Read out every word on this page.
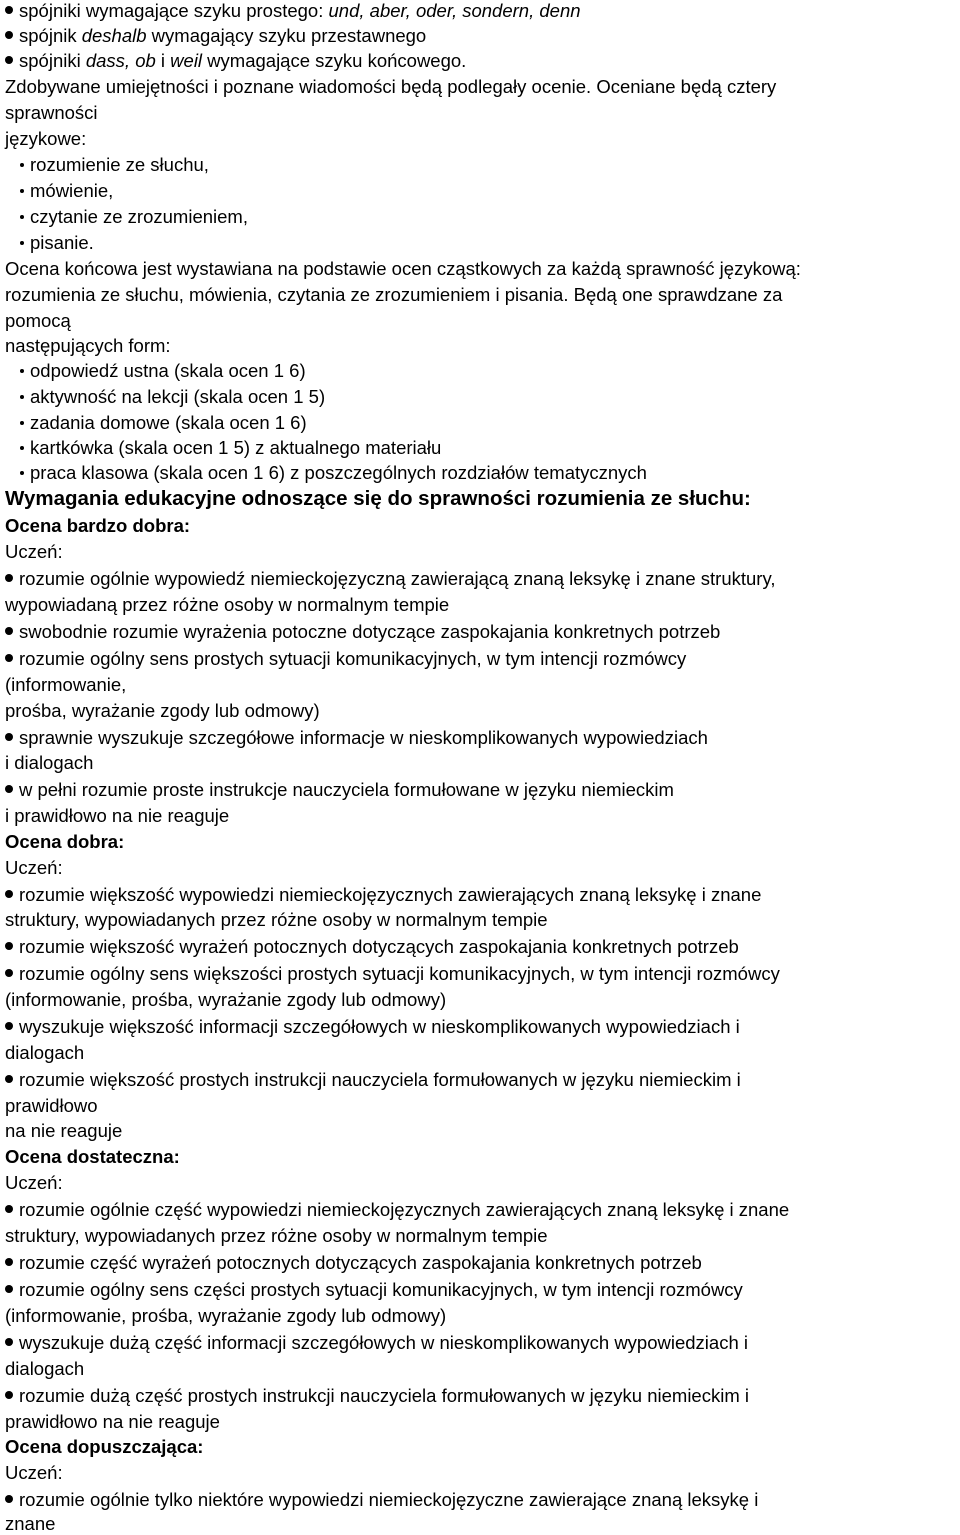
spójniki wymagające szyku prostego: und, aber, oder, sondern, denn
spójnik deshalb wymagający szyku przestawnego
spójniki dass, ob i weil wymagające szyku końcowego.
Zdobywane umiejętności i poznane wiadomości będą podlegały ocenie. Oceniane będą cztery
sprawności
językowe:
rozumienie ze słuchu,
mówienie,
czytanie ze zrozumieniem,
pisanie.
Ocena końcowa jest wystawiana na podstawie ocen cząstkowych za każdą sprawność językową:
rozumienia ze słuchu, mówienia, czytania ze zrozumieniem i pisania. Będą one sprawdzane za
pomocą
następujących form:
odpowiedź ustna (skala ocen 1 6)
aktywność na lekcji (skala ocen 1 5)
zadania domowe (skala ocen 1 6)
kartkówka (skala ocen 1 5) z aktualnego materiału
praca klasowa (skala ocen 1 6) z poszczególnych rozdziałów tematycznych
Wymagania edukacyjne odnoszące się do sprawności rozumienia ze słuchu:
Ocena bardzo dobra:
Uczeń:
rozumie ogólnie wypowiedź niemieckojęzyczną zawierającą znaną leksykę i znane struktury,
wypowiadaną przez różne osoby w normalnym tempie
swobodnie rozumie wyrażenia potoczne dotyczące zaspokajania konkretnych potrzeb
rozumie ogólny sens prostych sytuacji komunikacyjnych, w tym intencji rozmówcy
(informowanie,
prośba, wyrażanie zgody lub odmowy)
sprawnie wyszukuje szczegółowe informacje w nieskomplikowanych wypowiedziach
i dialogach
w pełni rozumie proste instrukcje nauczyciela formułowane w języku niemieckim
i prawidłowo na nie reaguje
Ocena dobra:
Uczeń:
rozumie większość wypowiedzi niemieckojęzycznych zawierających znaną leksykę i znane
struktury, wypowiadanych przez różne osoby w normalnym tempie
rozumie większość wyrażeń potocznych dotyczących zaspokajania konkretnych potrzeb
rozumie ogólny sens większości prostych sytuacji komunikacyjnych, w tym intencji rozmówcy
(informowanie, prośba, wyrażanie zgody lub odmowy)
wyszukuje większość informacji szczegółowych w nieskomplikowanych wypowiedziach i
dialogach
rozumie większość prostych instrukcji nauczyciela formułowanych w języku niemieckim i
prawidłowo
na nie reaguje
Ocena dostateczna:
Uczeń:
rozumie ogólnie część wypowiedzi niemieckojęzycznych zawierających znaną leksykę i znane
struktury, wypowiadanych przez różne osoby w normalnym tempie
rozumie część wyrażeń potocznych dotyczących zaspokajania konkretnych potrzeb
rozumie ogólny sens części prostych sytuacji komunikacyjnych, w tym intencji rozmówcy
(informowanie, prośba, wyrażanie zgody lub odmowy)
wyszukuje dużą część informacji szczegółowych w nieskomplikowanych wypowiedziach i
dialogach
rozumie dużą część prostych instrukcji nauczyciela formułowanych w języku niemieckim i
prawidłowo na nie reaguje
Ocena dopuszczająca:
Uczeń:
rozumie ogólnie tylko niektóre wypowiedzi niemieckojęzyczne zawierające znaną leksykę i
znane
